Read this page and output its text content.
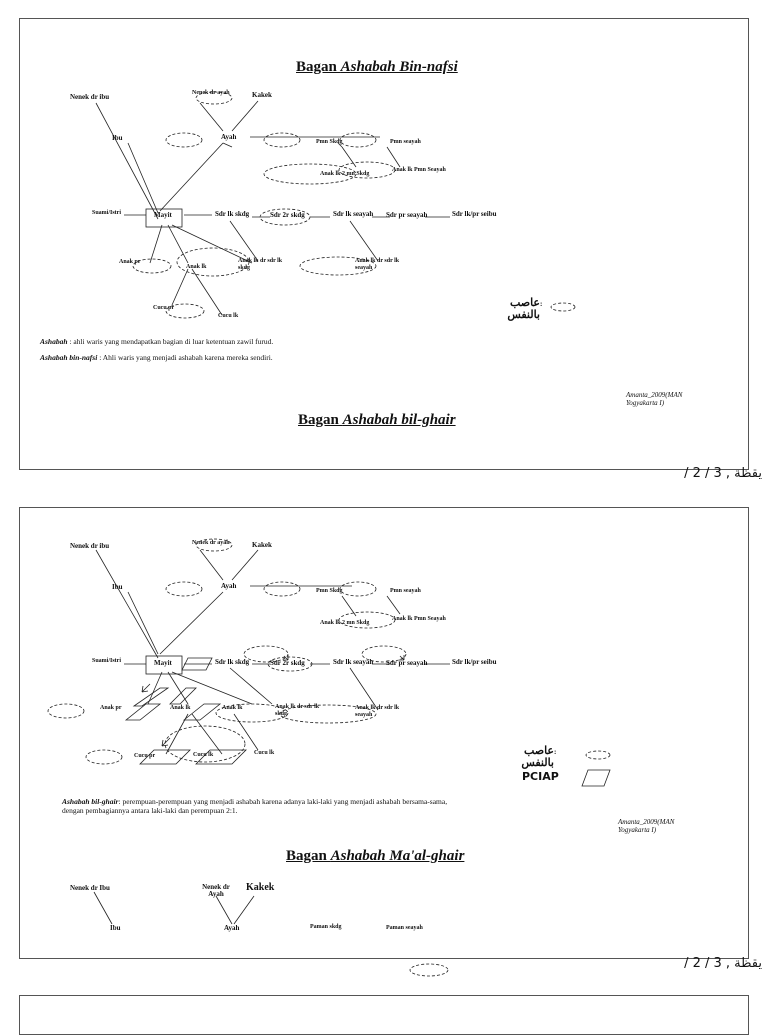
Bagan Ashabah Bin-nafsi
Nenek dr ibu	Nenek dr ayah	Kakek
Ibu	Ayah
Pmn Skdg	Pmn seayah
Anak lk 2 mn Skdg
Anak lk Pmn Seayah
Suami/Istri	Mayit	Sdr lk skdg	Sdr 2r skdg	Sdr lk seayah Sdr pr seayah	Sdr lk/pr seibu
Anak pr
Anak lk
Anak lk dr sdr lk skdg
Anak lk dr sdr lk seayah
Cucu pr
Cucu lk
عاصب بالنفس
:
Ashabah : ahli waris yang mendapatkan bagian di luar ketentuan zawil furud.
Ashabah bin-nafsi : Ahli waris yang menjadi ashabah karena mereka sendiri.
Amanta_2009(MAN Yogyakarta I)
Bagan Ashabah bil-ghair
/ 2 / 3 , يقظة
Nenek dr ibu	Nenek dr ayah	Kakek
Ibu	Ayah
Pmn Skdg	Pmn seayah
Anak lk 2 mn Skdg
Anak lk Pmn Seayah
Suami/Istri	Mayit	Sdr lk skdg	Sdr 2r skdg	Sdr lk seayah Sdr pr seayah	Sdr lk/pr seibu
Anak pr	Anak lk	Anak lk	Anak lk dr sdr lk skdg
Anak lk dr sdr lk seayah
Cucu pr	Cucu lk	Cucu lk	عاصب بالنفس
:
PCIAP
Ashabah bil-ghair: perempuan-perempuan yang menjadi ashabah karena adanya laki-laki yang menjadi ashabah bersama-sama, dengan pembagiannya antara laki-laki dan perempuan 2:1.
Amanta_2009(MAN Yogyakarta I)
Bagan Ashabah Ma'al-ghair
Nenek dr Ibu	Nenek dr Ayah
Kakek
Ibu	Ayah	Paman skdg	Paman seayah
/ 2 / 3 , يقظة
